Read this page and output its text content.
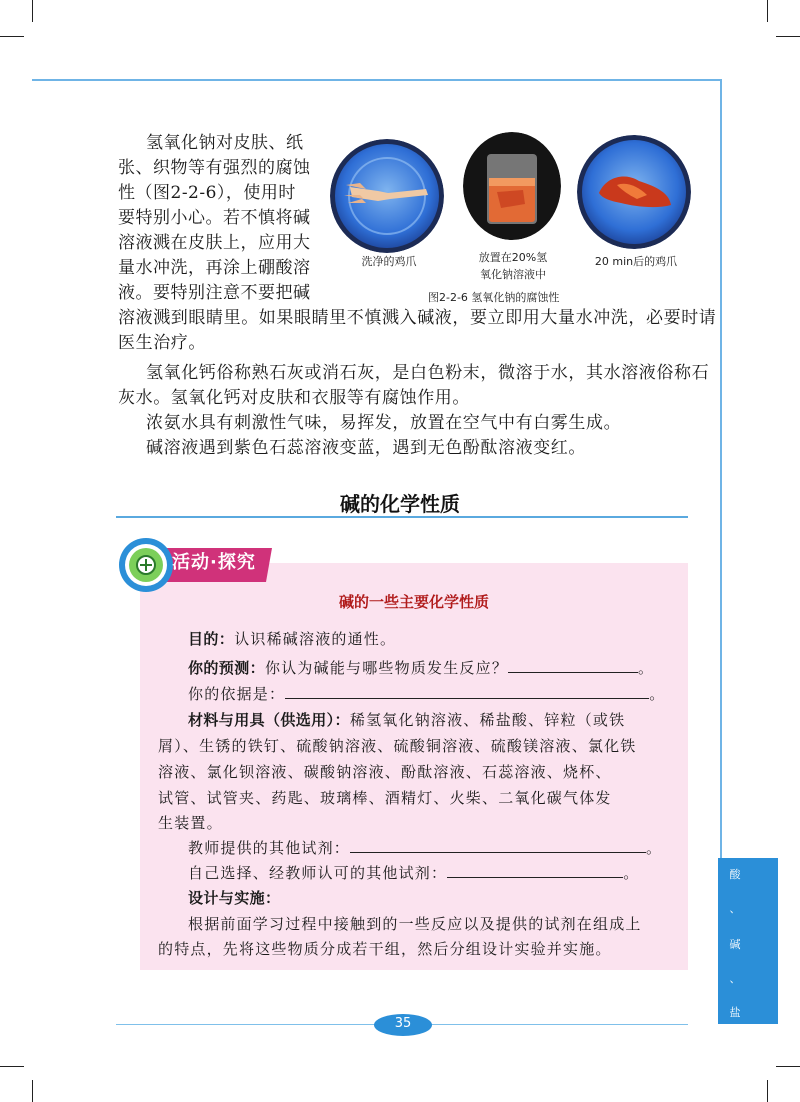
氢氧化钠对皮肤、纸
张、织物等有强烈的腐蚀
性（图2-2-6），使用时
要特别小心。若不慎将碱
溶液溅在皮肤上，应用大
量水冲洗，再涂上硼酸溶
液。要特别注意不要把碱
溶液溅到眼睛里。如果眼睛里不慎溅入碱液，要立即用大量水冲洗，必要时请
医生治疗。
洗净的鸡爪	放置在20%氢
氧化钠溶液中
20 min后的鸡爪
图2-2-6 氢氧化钠的腐蚀性
氢氧化钙俗称熟石灰或消石灰，是白色粉末，微溶于水，其水溶液俗称石
灰水。氢氧化钙对皮肤和衣服等有腐蚀作用。
浓氨水具有刺激性气味，易挥发，放置在空气中有白雾生成。
碱溶液遇到紫色石蕊溶液变蓝，遇到无色酚酞溶液变红。
碱的化学性质
活动·探究
碱的一些主要化学性质
目的：认识稀碱溶液的通性。
你的预测：你认为碱能与哪些物质发生反应？	。
你的依据是：	。
材料与用具（供选用）：稀氢氧化钠溶液、稀盐酸、锌粒（或铁
屑）、生锈的铁钉、硫酸钠溶液、硫酸铜溶液、硫酸镁溶液、氯化铁
溶液、氯化钡溶液、碳酸钠溶液、酚酞溶液、石蕊溶液、烧杯、
试管、试管夹、药匙、玻璃棒、酒精灯、火柴、二氧化碳气体发
生装置。
教师提供的其他试剂：	。
自己选择、经教师认可的其他试剂：	。
设计与实施：
根据前面学习过程中接触到的一些反应以及提供的试剂在组成上
的特点，先将这些物质分成若干组，然后分组设计实验并实施。
酸
、
碱
、
盐
35
